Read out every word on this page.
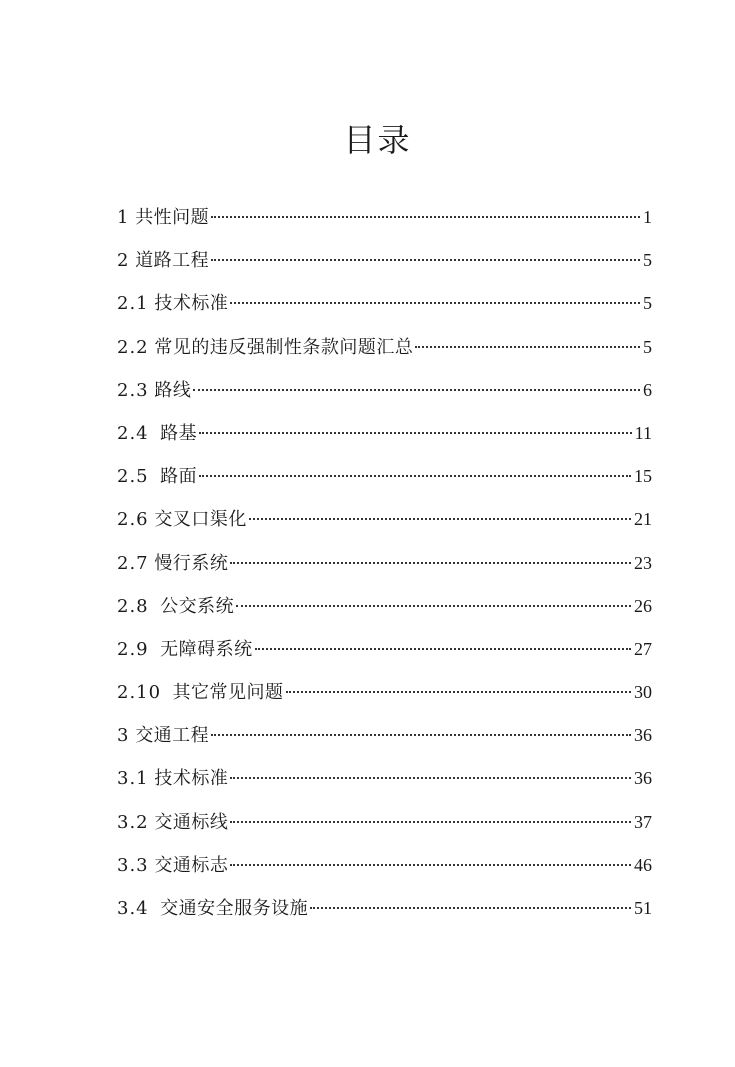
目录
1 共性问题	1
2 道路工程	5
2.1 技术标准	5
2.2 常见的违反强制性条款问题汇总	5
2.3 路线	6
2.4 路基	11
2.5 路面	15
2.6 交叉口渠化	21
2.7 慢行系统	23
2.8 公交系统	26
2.9 无障碍系统	27
2.10 其它常见问题	30
3 交通工程	36
3.1 技术标准	36
3.2 交通标线	37
3.3 交通标志	46
3.4 交通安全服务设施	51
